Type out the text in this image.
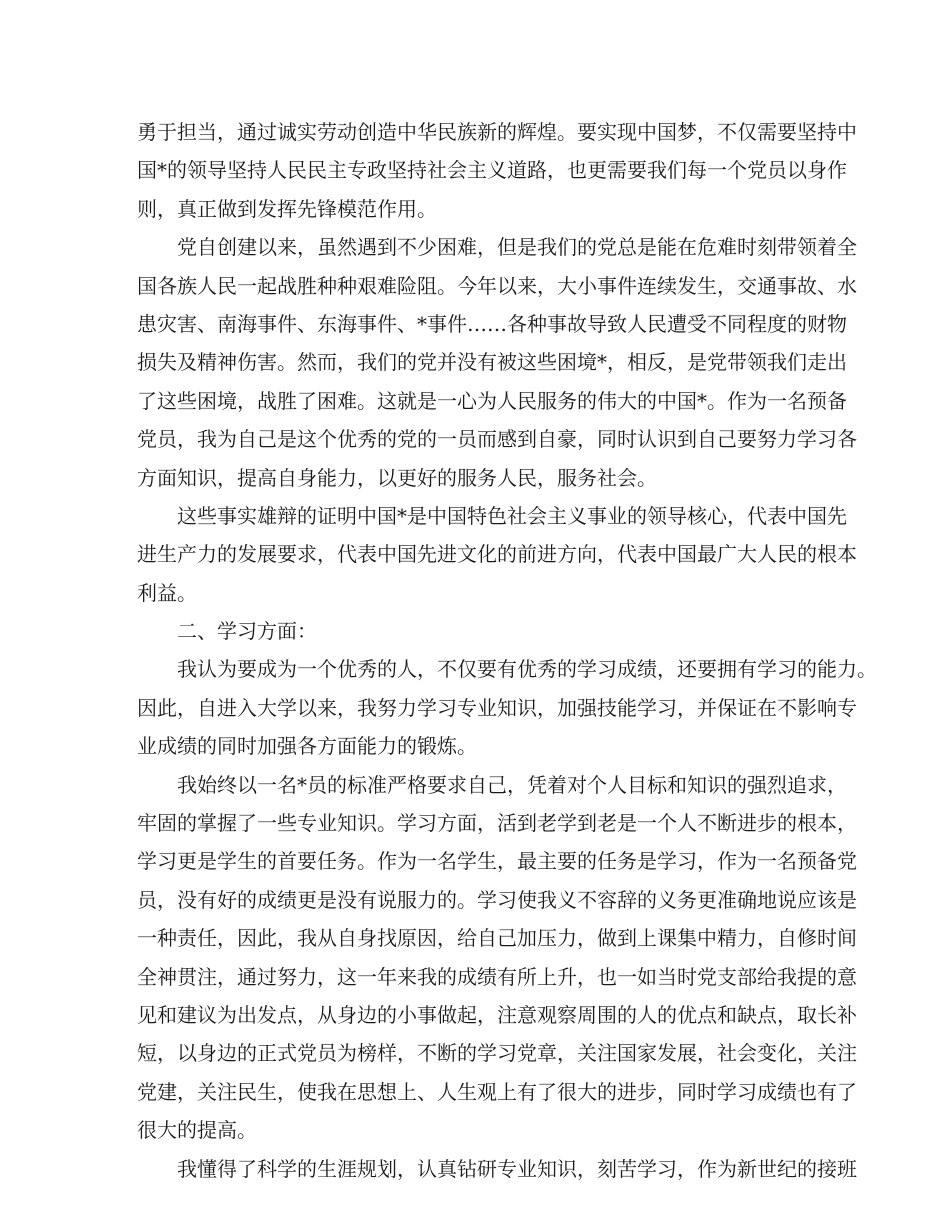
勇于担当，通过诚实劳动创造中华民族新的辉煌。要实现中国梦，不仅需要坚持中
国*的领导坚持人民民主专政坚持社会主义道路，也更需要我们每一个党员以身作
则，真正做到发挥先锋模范作用。
党自创建以来，虽然遇到不少困难，但是我们的党总是能在危难时刻带领着全
国各族人民一起战胜种种艰难险阻。今年以来，大小事件连续发生，交通事故、水
患灾害、南海事件、东海事件、*事件……各种事故导致人民遭受不同程度的财物
损失及精神伤害。然而，我们的党并没有被这些困境*，相反，是党带领我们走出
了这些困境，战胜了困难。这就是一心为人民服务的伟大的中国*。作为一名预备
党员，我为自己是这个优秀的党的一员而感到自豪，同时认识到自己要努力学习各
方面知识，提高自身能力，以更好的服务人民，服务社会。
这些事实雄辩的证明中国*是中国特色社会主义事业的领导核心，代表中国先
进生产力的发展要求，代表中国先进文化的前进方向，代表中国最广大人民的根本
利益。
二、学习方面：
我认为要成为一个优秀的人，不仅要有优秀的学习成绩，还要拥有学习的能力。
因此，自进入大学以来，我努力学习专业知识，加强技能学习，并保证在不影响专
业成绩的同时加强各方面能力的锻炼。
我始终以一名*员的标准严格要求自己，凭着对个人目标和知识的强烈追求，
牢固的掌握了一些专业知识。学习方面，活到老学到老是一个人不断进步的根本，
学习更是学生的首要任务。作为一名学生，最主要的任务是学习，作为一名预备党
员，没有好的成绩更是没有说服力的。学习使我义不容辞的义务更准确地说应该是
一种责任，因此，我从自身找原因，给自己加压力，做到上课集中精力，自修时间
全神贯注，通过努力，这一年来我的成绩有所上升，也一如当时党支部给我提的意
见和建议为出发点，从身边的小事做起，注意观察周围的人的优点和缺点，取长补
短，以身边的正式党员为榜样，不断的学习党章，关注国家发展，社会变化，关注
党建，关注民生，使我在思想上、人生观上有了很大的进步，同时学习成绩也有了
很大的提高。
我懂得了科学的生涯规划，认真钻研专业知识，刻苦学习，作为新世纪的接班
